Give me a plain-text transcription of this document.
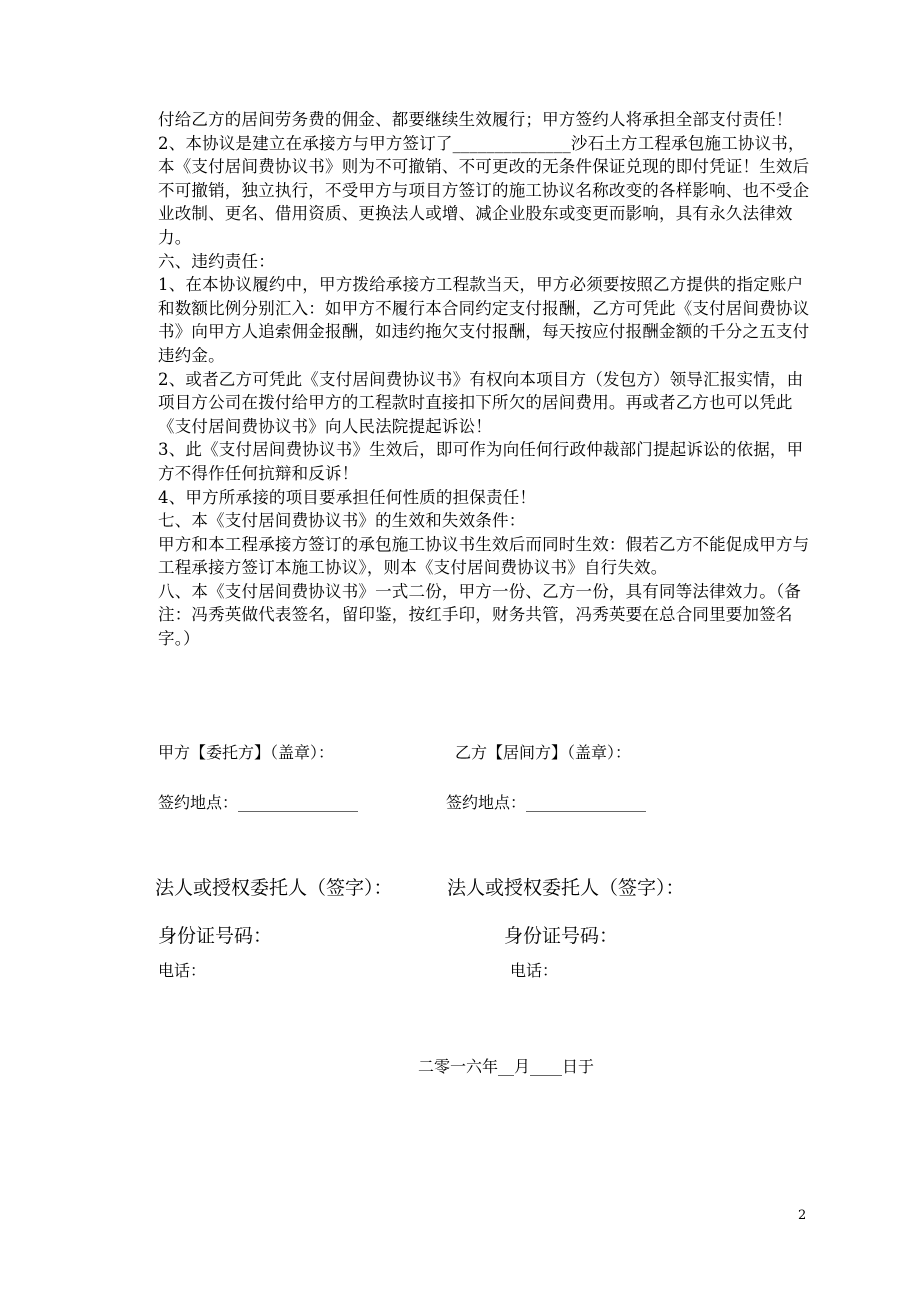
付给乙方的居间劳务费的佣金、都要继续生效履行；甲方签约人将承担全部支付责任！

2、本协议是建立在承接方与甲方签订了______________沙石土方工程承包施工协议书，本《支付居间费协议书》则为不可撤销、不可更改的无条件保证兑现的即付凭证！生效后不可撤销，独立执行，不受甲方与项目方签订的施工协议名称改变的各样影响、也不受企业改制、更名、借用资质、更换法人或增、减企业股东或变更而影响，具有永久法律效力。

六、违约责任：

1、在本协议履约中，甲方拨给承接方工程款当天，甲方必须要按照乙方提供的指定账户和数额比例分别汇入：如甲方不履行本合同约定支付报酬，乙方可凭此《支付居间费协议书》向甲方人追索佣金报酬，如违约拖欠支付报酬，每天按应付报酬金额的千分之五支付违约金。

2、或者乙方可凭此《支付居间费协议书》有权向本项目方（发包方）领导汇报实情，由项目方公司在拨付给甲方的工程款时直接扣下所欠的居间费用。再或者乙方也可以凭此《支付居间费协议书》向人民法院提起诉讼！

3、此《支付居间费协议书》生效后，即可作为向任何行政仲裁部门提起诉讼的依据，甲方不得作任何抗辩和反诉！

4、甲方所承接的项目要承担任何性质的担保责任！

七、本《支付居间费协议书》的生效和失效条件：

甲方和本工程承接方签订的承包施工协议书生效后而同时生效：假若乙方不能促成甲方与工程承接方签订本施工协议》，则本《支付居间费协议书》自行失效。

八、本《支付居间费协议书》一式二份，甲方一份、乙方一份，具有同等法律效力。（备注：冯秀英做代表签名，留印鉴，按红手印，财务共管，冯秀英要在总合同里要加签名字。）

甲方【委托方】（盖章）：	乙方【居间方】（盖章）：
签约地点：_______________	签约地点：_______________
法人或授权委托人（签字）：	法人或授权委托人（签字）：
身份证号码：	身份证号码：
电话：	电话：
二零一六年__月____日于
2
